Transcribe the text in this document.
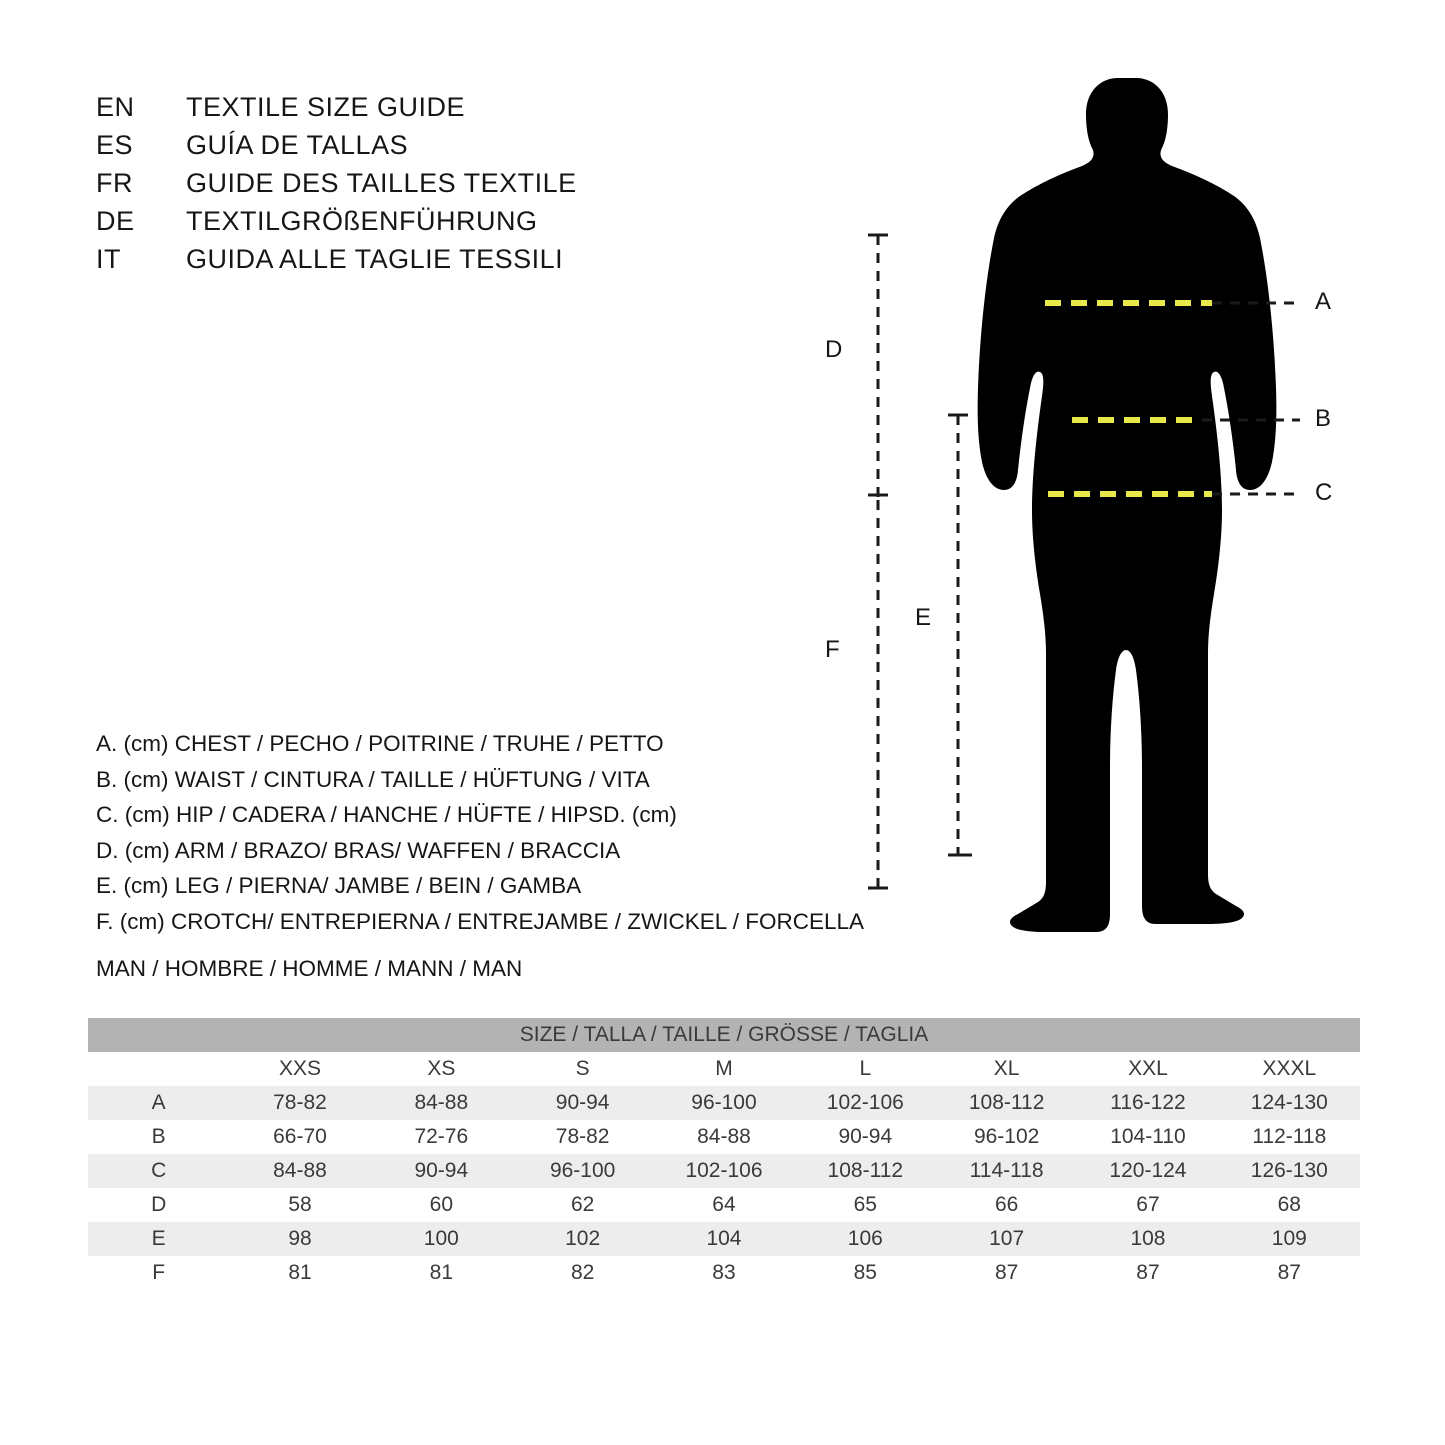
EN	TEXTILE SIZE GUIDE
ES	GUÍA DE TALLAS
FR	GUIDE DES TAILLES TEXTILE
DE	TEXTILGRÖßENFÜHRUNG
IT	GUIDA ALLE TAGLIE TESSILI
A. (cm) CHEST / PECHO / POITRINE / TRUHE / PETTO
B. (cm) WAIST / CINTURA / TAILLE / HÜFTUNG / VITA
C. (cm) HIP / CADERA / HANCHE / HÜFTE / HIPSD. (cm)
D. (cm) ARM / BRAZO/ BRAS/ WAFFEN / BRACCIA
E. (cm) LEG / PIERNA/ JAMBE / BEIN / GAMBA
F. (cm) CROTCH/ ENTREPIERNA / ENTREJAMBE / ZWICKEL / FORCELLA
MAN / HOMBRE / HOMME / MANN / MAN
A
B
C
D
E
F
SIZE / TALLA / TAILLE / GRÖSSE / TAGLIA								
	XXS	XS	S	M	L	XL	XXL	XXXL
A	78-82	84-88	90-94	96-100	102-106	108-112	116-122	124-130
B	66-70	72-76	78-82	84-88	90-94	96-102	104-110	112-118
C	84-88	90-94	96-100	102-106	108-112	114-118	120-124	126-130
D	58	60	62	64	65	66	67	68
E	98	100	102	104	106	107	108	109
F	81	81	82	83	85	87	87	87
